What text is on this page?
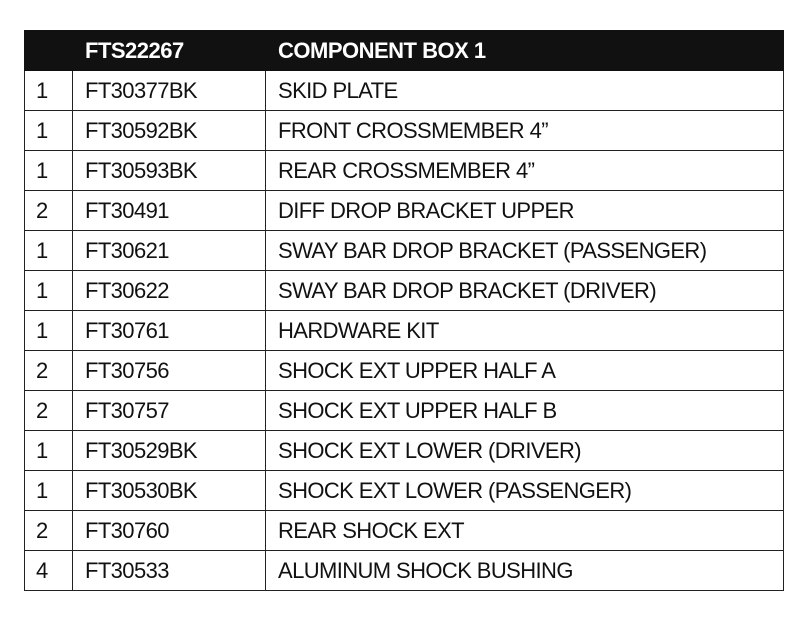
	FTS22267	COMPONENT BOX 1
1	FT30377BK	SKID PLATE
1	FT30592BK	FRONT CROSSMEMBER 4”
1	FT30593BK	REAR CROSSMEMBER 4”
2	FT30491	DIFF DROP BRACKET UPPER
1	FT30621	SWAY BAR DROP BRACKET (PASSENGER)
1	FT30622	SWAY BAR DROP BRACKET (DRIVER)
1	FT30761	HARDWARE KIT
2	FT30756	SHOCK EXT UPPER HALF A
2	FT30757	SHOCK EXT UPPER HALF B
1	FT30529BK	SHOCK EXT LOWER (DRIVER)
1	FT30530BK	SHOCK EXT LOWER (PASSENGER)
2	FT30760	REAR SHOCK EXT
4	FT30533	ALUMINUM SHOCK BUSHING
